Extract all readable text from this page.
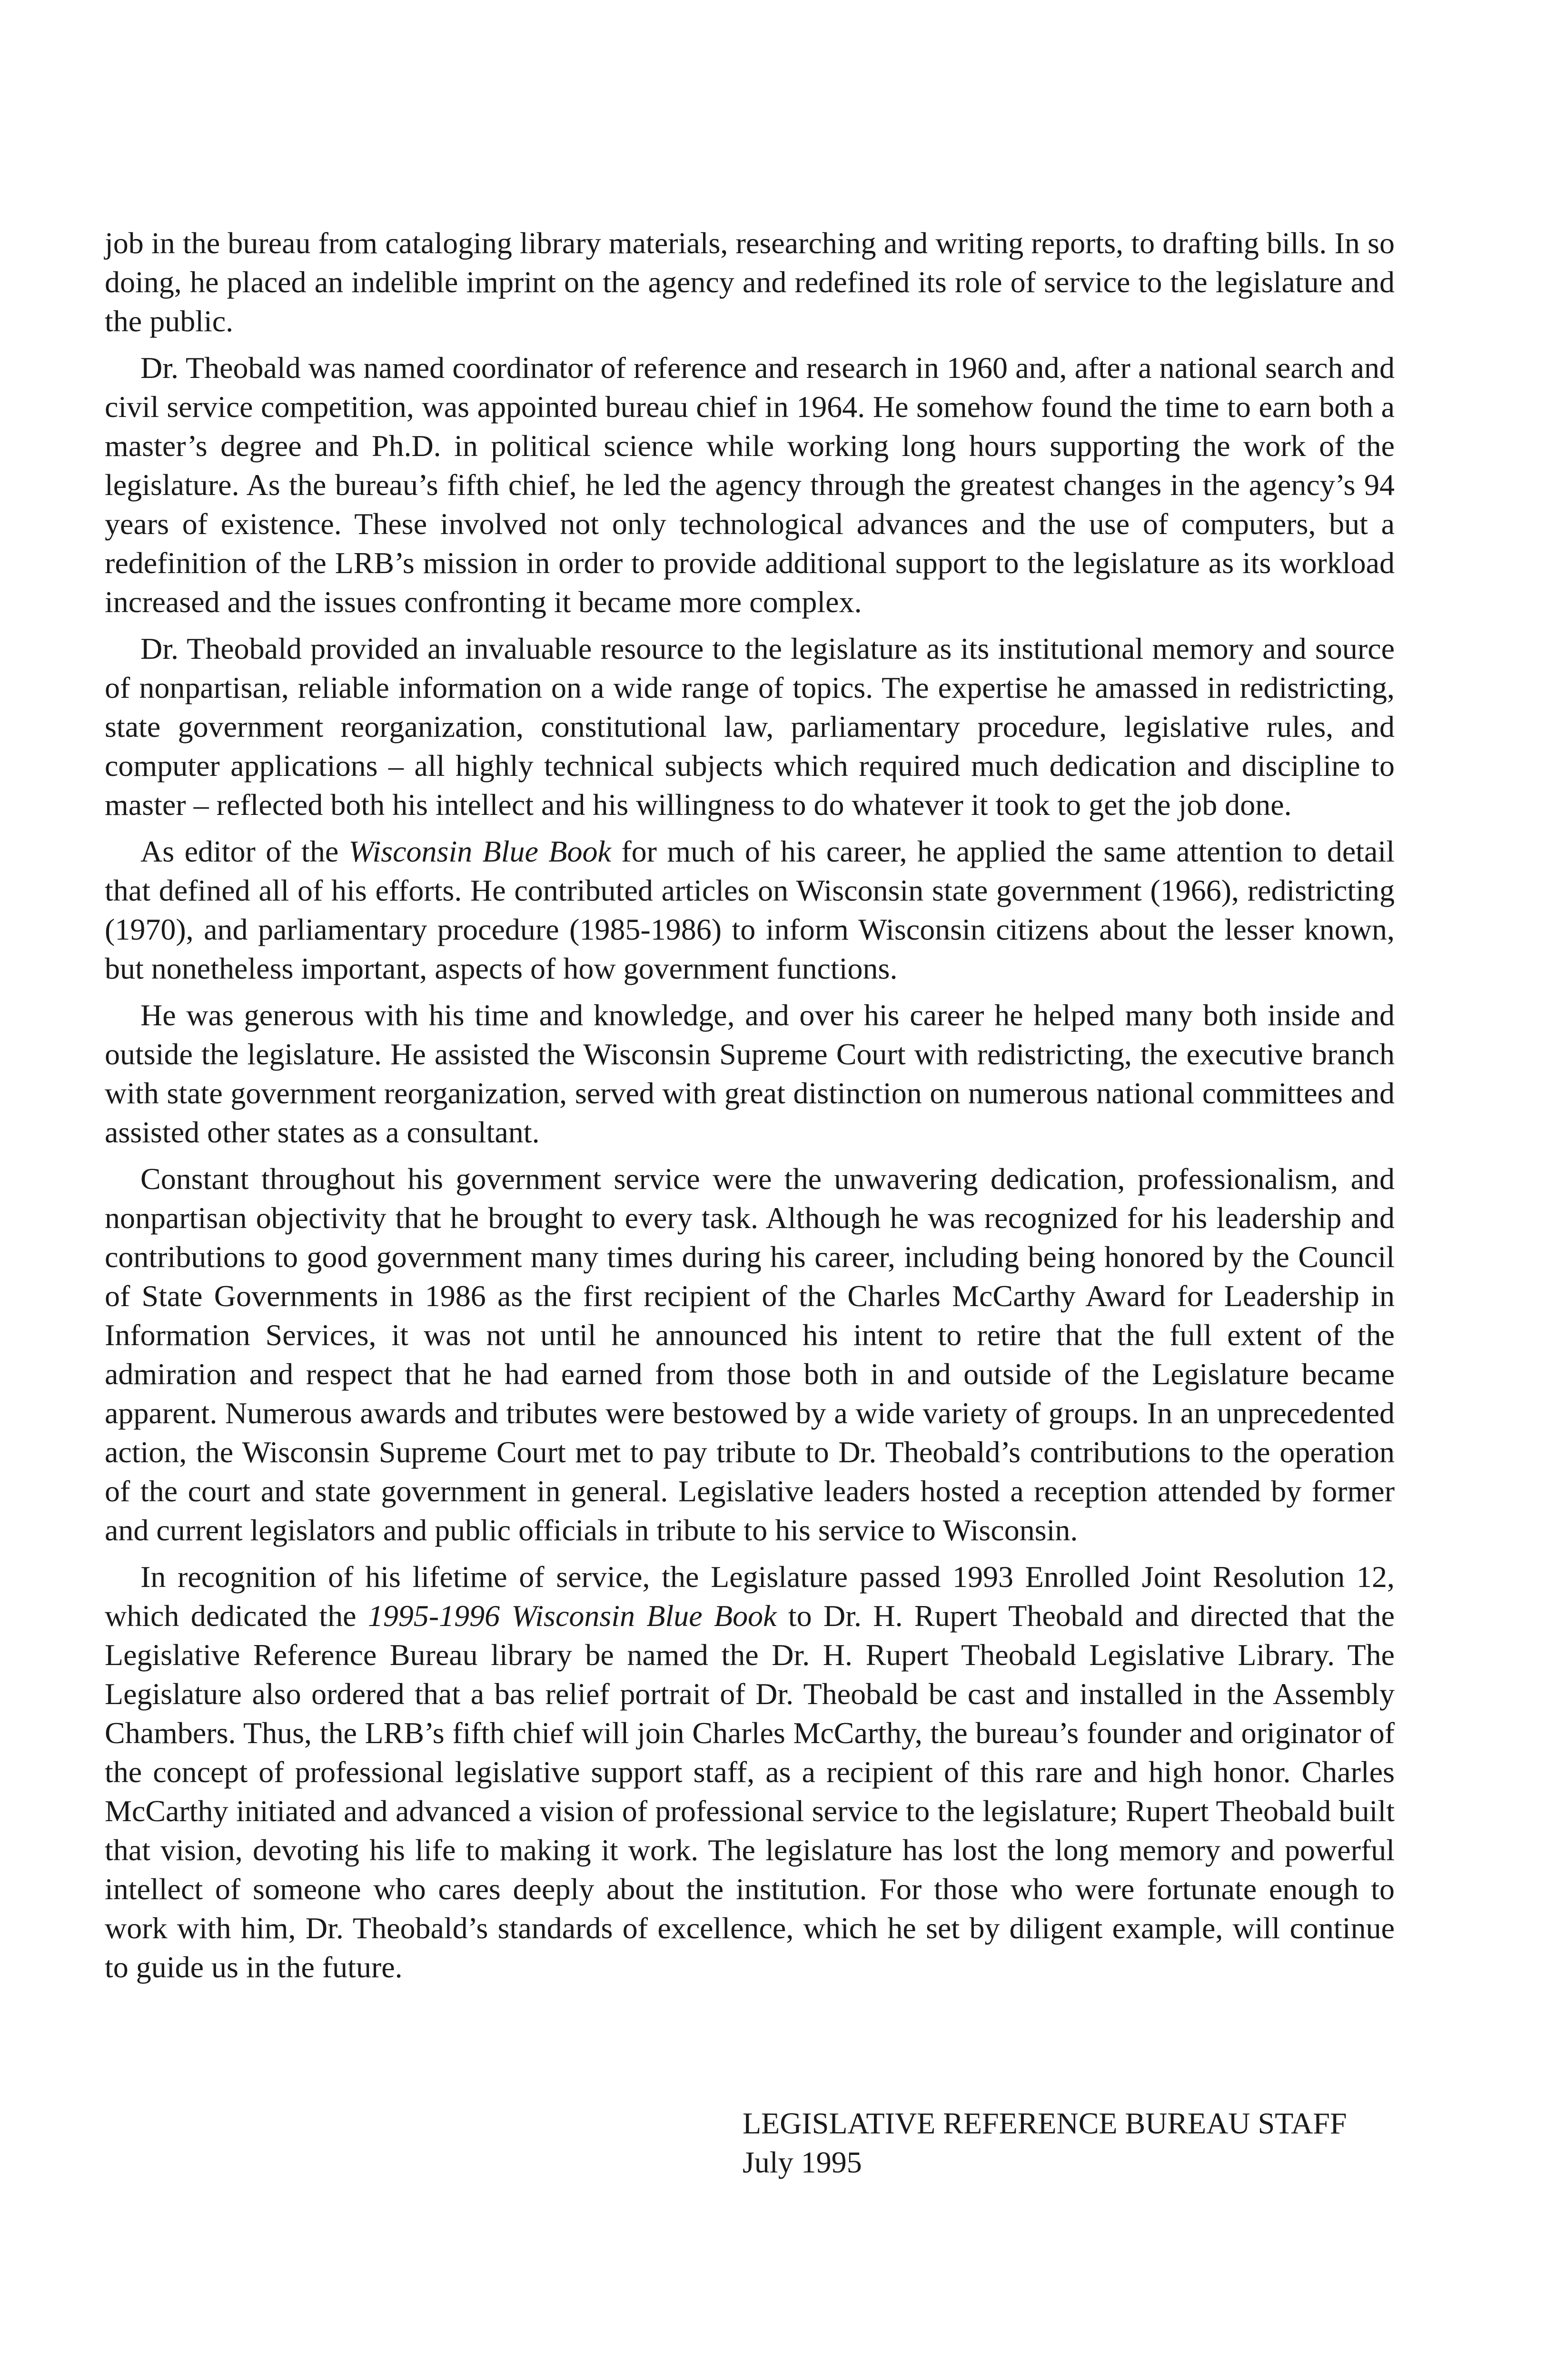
job in the bureau from cataloging library materials, researching and writing reports, to drafting bills. In so doing, he placed an indelible imprint on the agency and redefined its role of service to the legislature and the public.

Dr. Theobald was named coordinator of reference and research in 1960 and, after a national search and civil service competition, was appointed bureau chief in 1964. He somehow found the time to earn both a master’s degree and Ph.D. in political science while working long hours supporting the work of the legislature. As the bureau’s fifth chief, he led the agency through the greatest changes in the agency’s 94 years of existence. These involved not only technological advances and the use of computers, but a redefinition of the LRB’s mission in order to provide additional support to the legislature as its workload increased and the issues confronting it became more complex.

Dr. Theobald provided an invaluable resource to the legislature as its institutional memory and source of nonpartisan, reliable information on a wide range of topics. The expertise he amassed in redistricting, state government reorganization, constitutional law, parliamentary procedure, legislative rules, and computer applications – all highly technical subjects which required much dedication and discipline to master – reflected both his intellect and his willingness to do whatever it took to get the job done.

As editor of the Wisconsin Blue Book for much of his career, he applied the same attention to detail that defined all of his efforts. He contributed articles on Wisconsin state government (1966), redistricting (1970), and parliamentary procedure (1985-1986) to inform Wisconsin citizens about the lesser known, but nonetheless important, aspects of how government functions.

He was generous with his time and knowledge, and over his career he helped many both inside and outside the legislature. He assisted the Wisconsin Supreme Court with redistricting, the executive branch with state government reorganization, served with great distinction on numerous national committees and assisted other states as a consultant.

Constant throughout his government service were the unwavering dedication, professionalism, and nonpartisan objectivity that he brought to every task. Although he was recognized for his leadership and contributions to good government many times during his career, including being honored by the Council of State Governments in 1986 as the first recipient of the Charles McCarthy Award for Leadership in Information Services, it was not until he announced his intent to retire that the full extent of the admiration and respect that he had earned from those both in and outside of the Legislature became apparent. Numerous awards and tributes were bestowed by a wide variety of groups. In an unprecedented action, the Wisconsin Supreme Court met to pay tribute to Dr. Theobald’s contributions to the operation of the court and state government in general. Legislative leaders hosted a reception attended by former and current legislators and public officials in tribute to his service to Wisconsin.

In recognition of his lifetime of service, the Legislature passed 1993 Enrolled Joint Resolution 12, which dedicated the 1995-1996 Wisconsin Blue Book to Dr. H. Rupert Theobald and directed that the Legislative Reference Bureau library be named the Dr. H. Rupert Theobald Legislative Library. The Legislature also ordered that a bas relief portrait of Dr. Theobald be cast and installed in the Assembly Chambers. Thus, the LRB’s fifth chief will join Charles McCarthy, the bureau’s founder and originator of the concept of professional legislative support staff, as a recipient of this rare and high honor. Charles McCarthy initiated and advanced a vision of professional service to the legislature; Rupert Theobald built that vision, devoting his life to making it work. The legislature has lost the long memory and powerful intellect of someone who cares deeply about the institution. For those who were fortunate enough to work with him, Dr. Theobald’s standards of excellence, which he set by diligent example, will continue to guide us in the future.

LEGISLATIVE REFERENCE BUREAU STAFF
July 1995
